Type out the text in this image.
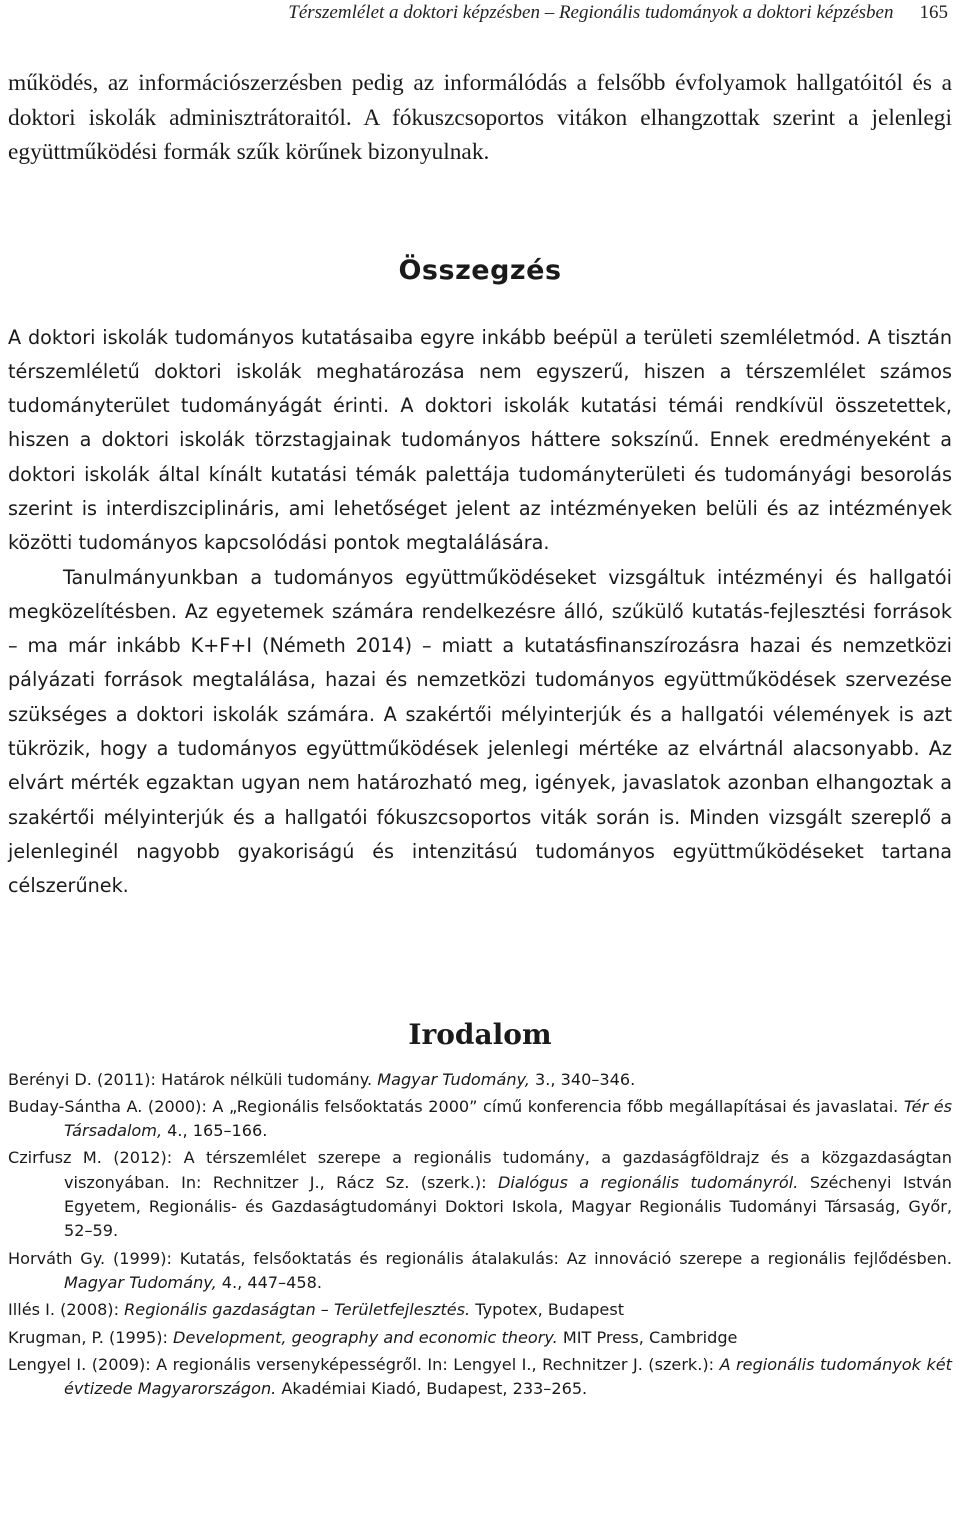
Térszemlélet a doktori képzésben – Regionális tudományok a doktori képzésben 165

működés, az információszerzésben pedig az informálódás a felsőbb évfolyamok hallgatóitól és a doktori iskolák adminisztrátoraitól. A fókuszcsoportos vitákon elhangzottak szerint a jelenlegi együttműködési formák szűk körűnek bizonyulnak.

Összegzés

A doktori iskolák tudományos kutatásaiba egyre inkább beépül a területi szemléletmód. A tisztán térszemléletű doktori iskolák meghatározása nem egyszerű, hiszen a térszemlélet számos tudományterület tudományágát érinti. A doktori iskolák kutatási témái rendkívül összetettek, hiszen a doktori iskolák törzstagjainak tudományos háttere sokszínű. Ennek eredményeként a doktori iskolák által kínált kutatási témák palettája tudományterületi és tudományági besorolás szerint is interdiszciplináris, ami lehetőséget jelent az intézményeken belüli és az intézmények közötti tudományos kapcsolódási pontok megtalálására.

Tanulmányunkban a tudományos együttműködéseket vizsgáltuk intézményi és hallgatói megközelítésben. Az egyetemek számára rendelkezésre álló, szűkülő kutatás-fejlesztési források – ma már inkább K+F+I (Németh 2014) – miatt a kutatásfinanszírozásra hazai és nemzetközi pályázati források megtalálása, hazai és nemzetközi tudományos együttműködések szervezése szükséges a doktori iskolák számára. A szakértői mélyinterjúk és a hallgatói vélemények is azt tükrözik, hogy a tudományos együttműködések jelenlegi mértéke az elvártnál alacsonyabb. Az elvárt mérték egzaktan ugyan nem határozható meg, igények, javaslatok azonban elhangoztak a szakértői mélyinterjúk és a hallgatói fókuszcsoportos viták során is. Minden vizsgált szereplő a jelenleginél nagyobb gyakoriságú és intenzitású tudományos együttműködéseket tartana célszerűnek.

Irodalom
Berényi D. (2011): Határok nélküli tudomány. Magyar Tudomány, 3., 340–346.
Buday-Sántha A. (2000): A „Regionális felsőoktatás 2000” című konferencia főbb megállapításai és javaslatai. Tér és Társadalom, 4., 165–166.
Czirfusz M. (2012): A térszemlélet szerepe a regionális tudomány, a gazdaságföldrajz és a közgazdaságtan viszonyában. In: Rechnitzer J., Rácz Sz. (szerk.): Dialógus a regionális tudományról. Széchenyi István Egyetem, Regionális- és Gazdaságtudományi Doktori Iskola, Magyar Regionális Tudományi Társaság, Győr, 52–59.
Horváth Gy. (1999): Kutatás, felsőoktatás és regionális átalakulás: Az innováció szerepe a regionális fejlődésben. Magyar Tudomány, 4., 447–458.
Illés I. (2008): Regionális gazdaságtan – Területfejlesztés. Typotex, Budapest
Krugman, P. (1995): Development, geography and economic theory. MIT Press, Cambridge
Lengyel I. (2009): A regionális versenyképességről. In: Lengyel I., Rechnitzer J. (szerk.): A regionális tudományok két évtizede Magyarországon. Akadémiai Kiadó, Budapest, 233–265.
